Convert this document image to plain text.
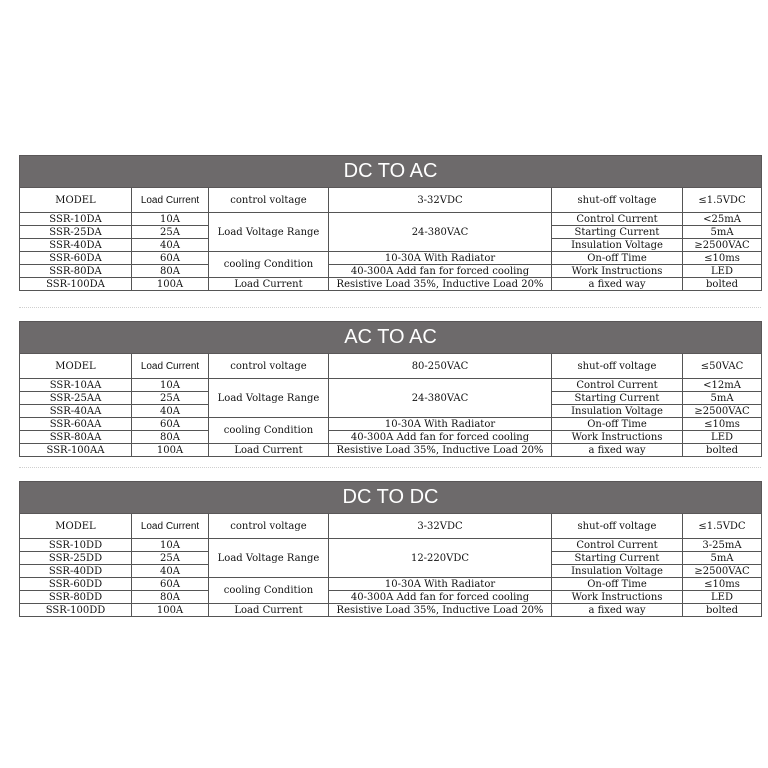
DC TO AC					
MODEL	Load Current	control voltage	3-32VDC	shut-off voltage	≤1.5VDC
SSR-10DA	10A	Load Voltage Range	24-380VAC	Control Current	<25mA
SSR-25DA	25A			Starting Current	5mA
SSR-40DA	40A			Insulation Voltage	≥2500VAC
SSR-60DA	60A	cooling Condition	10-30A With Radiator	On-off Time	≤10ms
SSR-80DA	80A		40-300A Add fan for forced cooling	Work Instructions	LED
SSR-100DA	100A	Load Current	Resistive Load 35%, Inductive Load 20%	a fixed way	bolted
AC TO AC					
MODEL	Load Current	control voltage	80-250VAC	shut-off voltage	≤50VAC
SSR-10AA	10A	Load Voltage Range	24-380VAC	Control Current	<12mA
SSR-25AA	25A			Starting Current	5mA
SSR-40AA	40A			Insulation Voltage	≥2500VAC
SSR-60AA	60A	cooling Condition	10-30A With Radiator	On-off Time	≤10ms
SSR-80AA	80A		40-300A Add fan for forced cooling	Work Instructions	LED
SSR-100AA	100A	Load Current	Resistive Load 35%, Inductive Load 20%	a fixed way	bolted
DC TO DC					
MODEL	Load Current	control voltage	3-32VDC	shut-off voltage	≤1.5VDC
SSR-10DD	10A	Load Voltage Range	12-220VDC	Control Current	3-25mA
SSR-25DD	25A			Starting Current	5mA
SSR-40DD	40A			Insulation Voltage	≥2500VAC
SSR-60DD	60A	cooling Condition	10-30A With Radiator	On-off Time	≤10ms
SSR-80DD	80A		40-300A Add fan for forced cooling	Work Instructions	LED
SSR-100DD	100A	Load Current	Resistive Load 35%, Inductive Load 20%	a fixed way	bolted
